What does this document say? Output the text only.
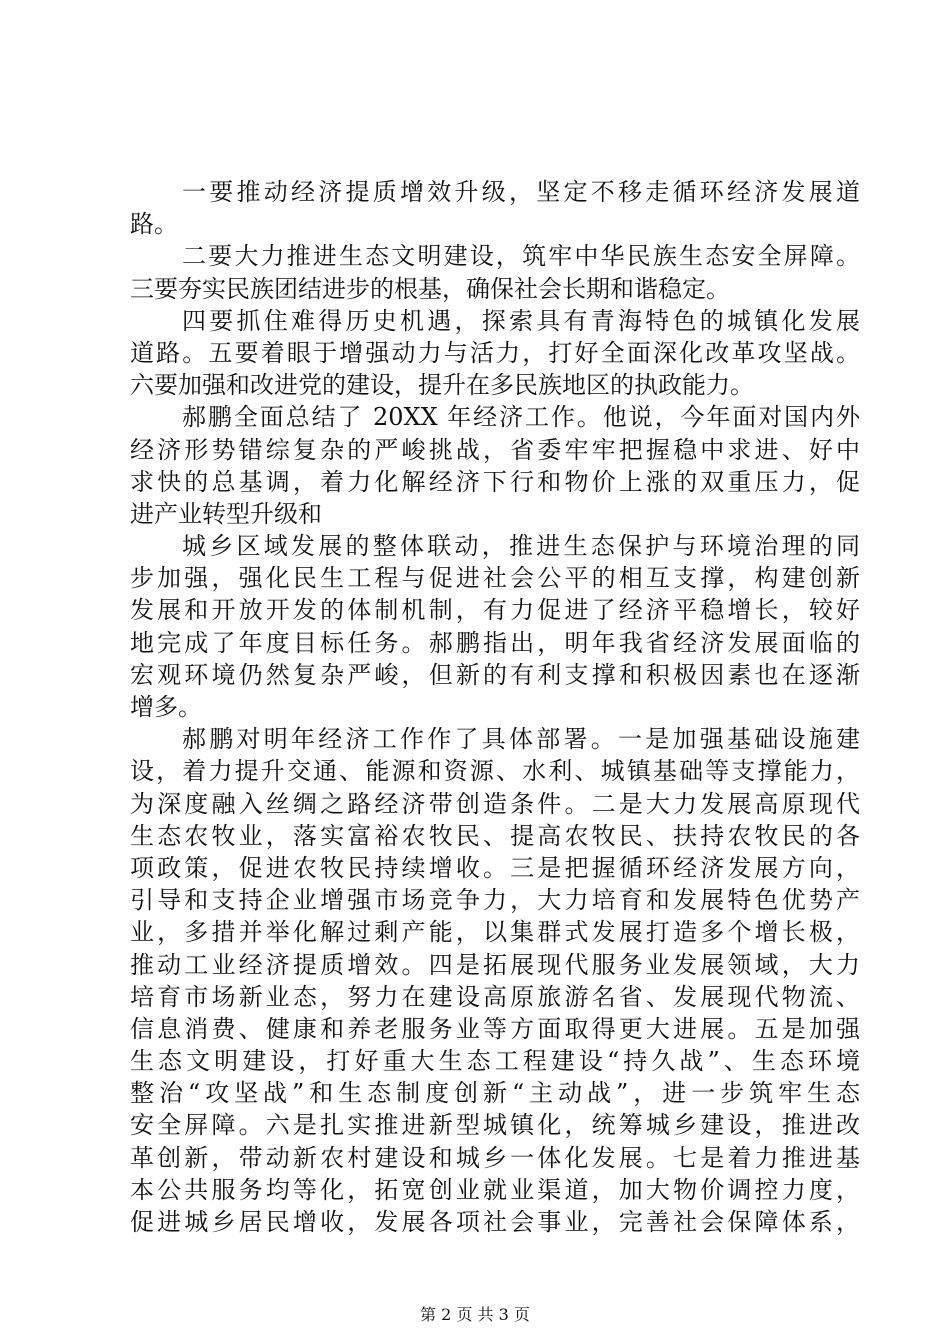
一要推动经济提质增效升级，坚定不移走循环经济发展道
路。
二要大力推进生态文明建设，筑牢中华民族生态安全屏障。
三要夯实民族团结进步的根基，确保社会长期和谐稳定。
四要抓住难得历史机遇，探索具有青海特色的城镇化发展
道路。五要着眼于增强动力与活力，打好全面深化改革攻坚战。
六要加强和改进党的建设，提升在多民族地区的执政能力。
郝鹏全面总结了 20XX 年经济工作。他说，今年面对国内外
经济形势错综复杂的严峻挑战，省委牢牢把握稳中求进、好中
求快的总基调，着力化解经济下行和物价上涨的双重压力，促
进产业转型升级和
城乡区域发展的整体联动，推进生态保护与环境治理的同
步加强，强化民生工程与促进社会公平的相互支撑，构建创新
发展和开放开发的体制机制，有力促进了经济平稳增长，较好
地完成了年度目标任务。郝鹏指出，明年我省经济发展面临的
宏观环境仍然复杂严峻，但新的有利支撑和积极因素也在逐渐
增多。
郝鹏对明年经济工作作了具体部署。一是加强基础设施建
设，着力提升交通、能源和资源、水利、城镇基础等支撑能力，
为深度融入丝绸之路经济带创造条件。二是大力发展高原现代
生态农牧业，落实富裕农牧民、提高农牧民、扶持农牧民的各
项政策，促进农牧民持续增收。三是把握循环经济发展方向，
引导和支持企业增强市场竞争力，大力培育和发展特色优势产
业，多措并举化解过剩产能，以集群式发展打造多个增长极，
推动工业经济提质增效。四是拓展现代服务业发展领域，大力
培育市场新业态，努力在建设高原旅游名省、发展现代物流、
信息消费、健康和养老服务业等方面取得更大进展。五是加强
生态文明建设，打好重大生态工程建设“持久战”、生态环境
整治“攻坚战”和生态制度创新“主动战”，进一步筑牢生态
安全屏障。六是扎实推进新型城镇化，统筹城乡建设，推进改
革创新，带动新农村建设和城乡一体化发展。七是着力推进基
本公共服务均等化，拓宽创业就业渠道，加大物价调控力度，
促进城乡居民增收，发展各项社会事业，完善社会保障体系，
第 2 页 共 3 页
